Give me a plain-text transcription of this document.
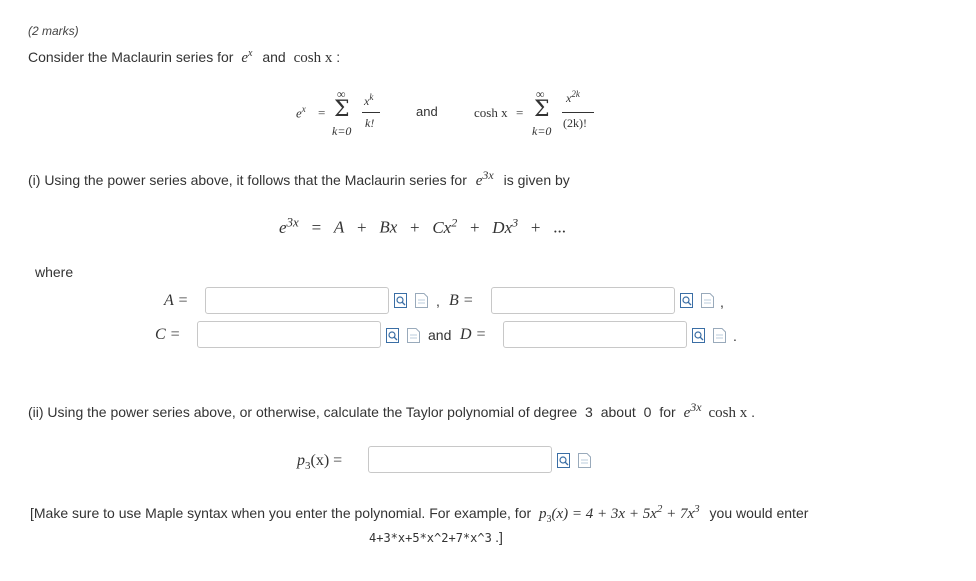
(2 marks)
Consider the Maclaurin series for $e^x$ and cosh x :
$e^x$ =
∞
Σ
k=0
$x^k$
k!
and	cosh x =
∞
Σ
k=0
$x^{2k}$
(2k)!
(i) Using the power series above, it follows that the Maclaurin series for $e^{3x}$ is given by
$e^{3x} = A + Bx + Cx^2 + Dx^3$ + ...
where
A =	, B =	,
C =	and D =	.
(ii) Using the power series above, or otherwise, calculate the Taylor polynomial of degree 3 about 0 for $e^{3x}$ cosh x .
$p_3(x)$ =
[Make sure to use Maple syntax when you enter the polynomial. For example, for $p_3(x) = 4 + 3x + 5x^2 + 7x^3$ you would enter
4+3*x+5*x^2+7*x^3 .]
